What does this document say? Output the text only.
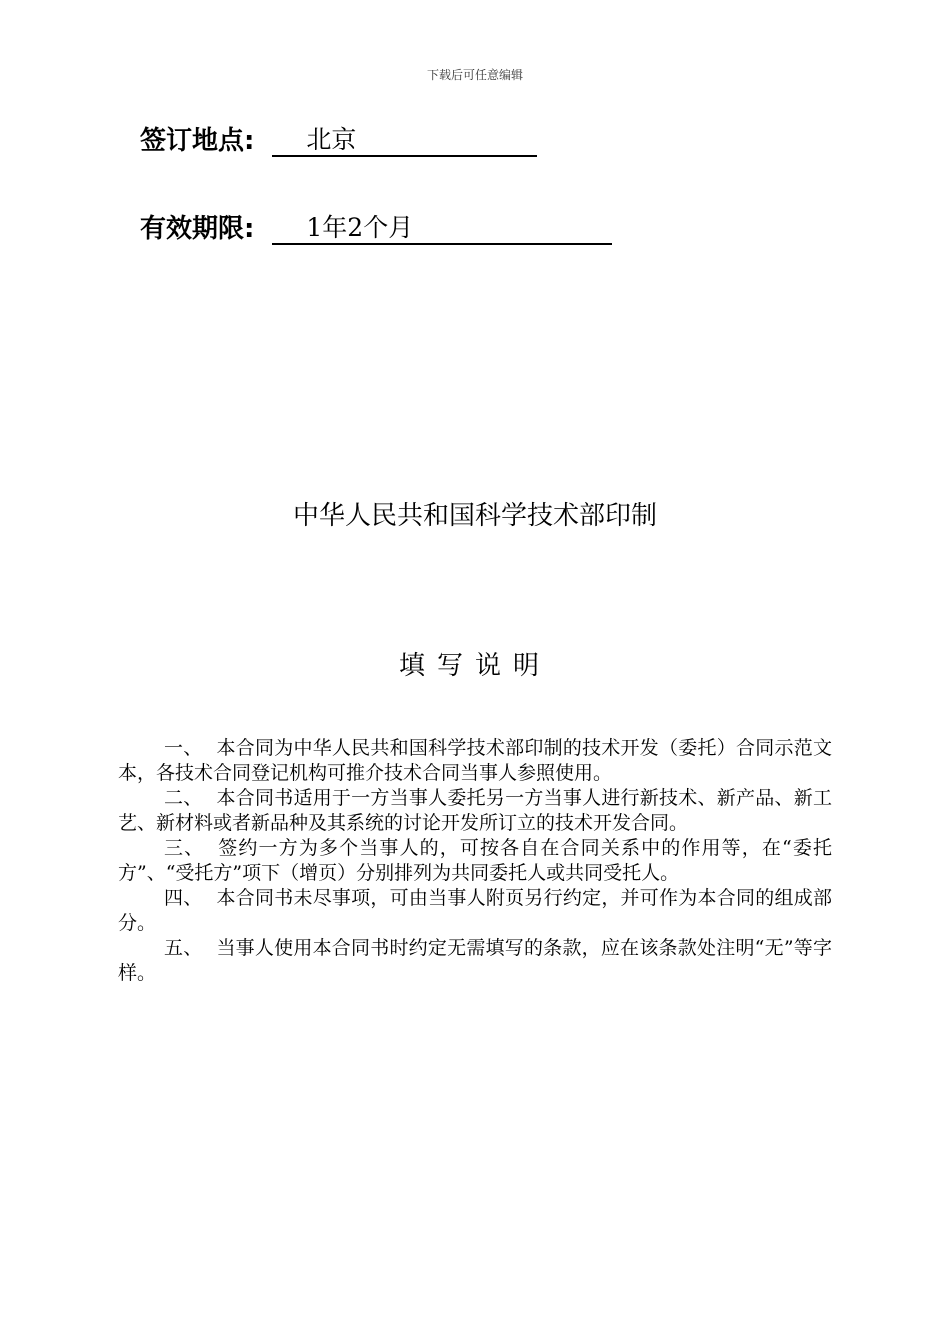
下载后可任意编辑
签订地点:	北京
有效期限:	1年2个月
中华人民共和国科学技术部印制
填写说明

一、 本合同为中华人民共和国科学技术部印制的技术开发（委托）合同示范文本，各技术合同登记机构可推介技术合同当事人参照使用。

二、 本合同书适用于一方当事人委托另一方当事人进行新技术、新产品、新工艺、新材料或者新品种及其系统的讨论开发所订立的技术开发合同。

三、 签约一方为多个当事人的，可按各自在合同关系中的作用等，在“委托方”、“受托方”项下（增页）分别排列为共同委托人或共同受托人。

四、 本合同书未尽事项，可由当事人附页另行约定，并可作为本合同的组成部分。

五、 当事人使用本合同书时约定无需填写的条款，应在该条款处注明“无”等字样。
